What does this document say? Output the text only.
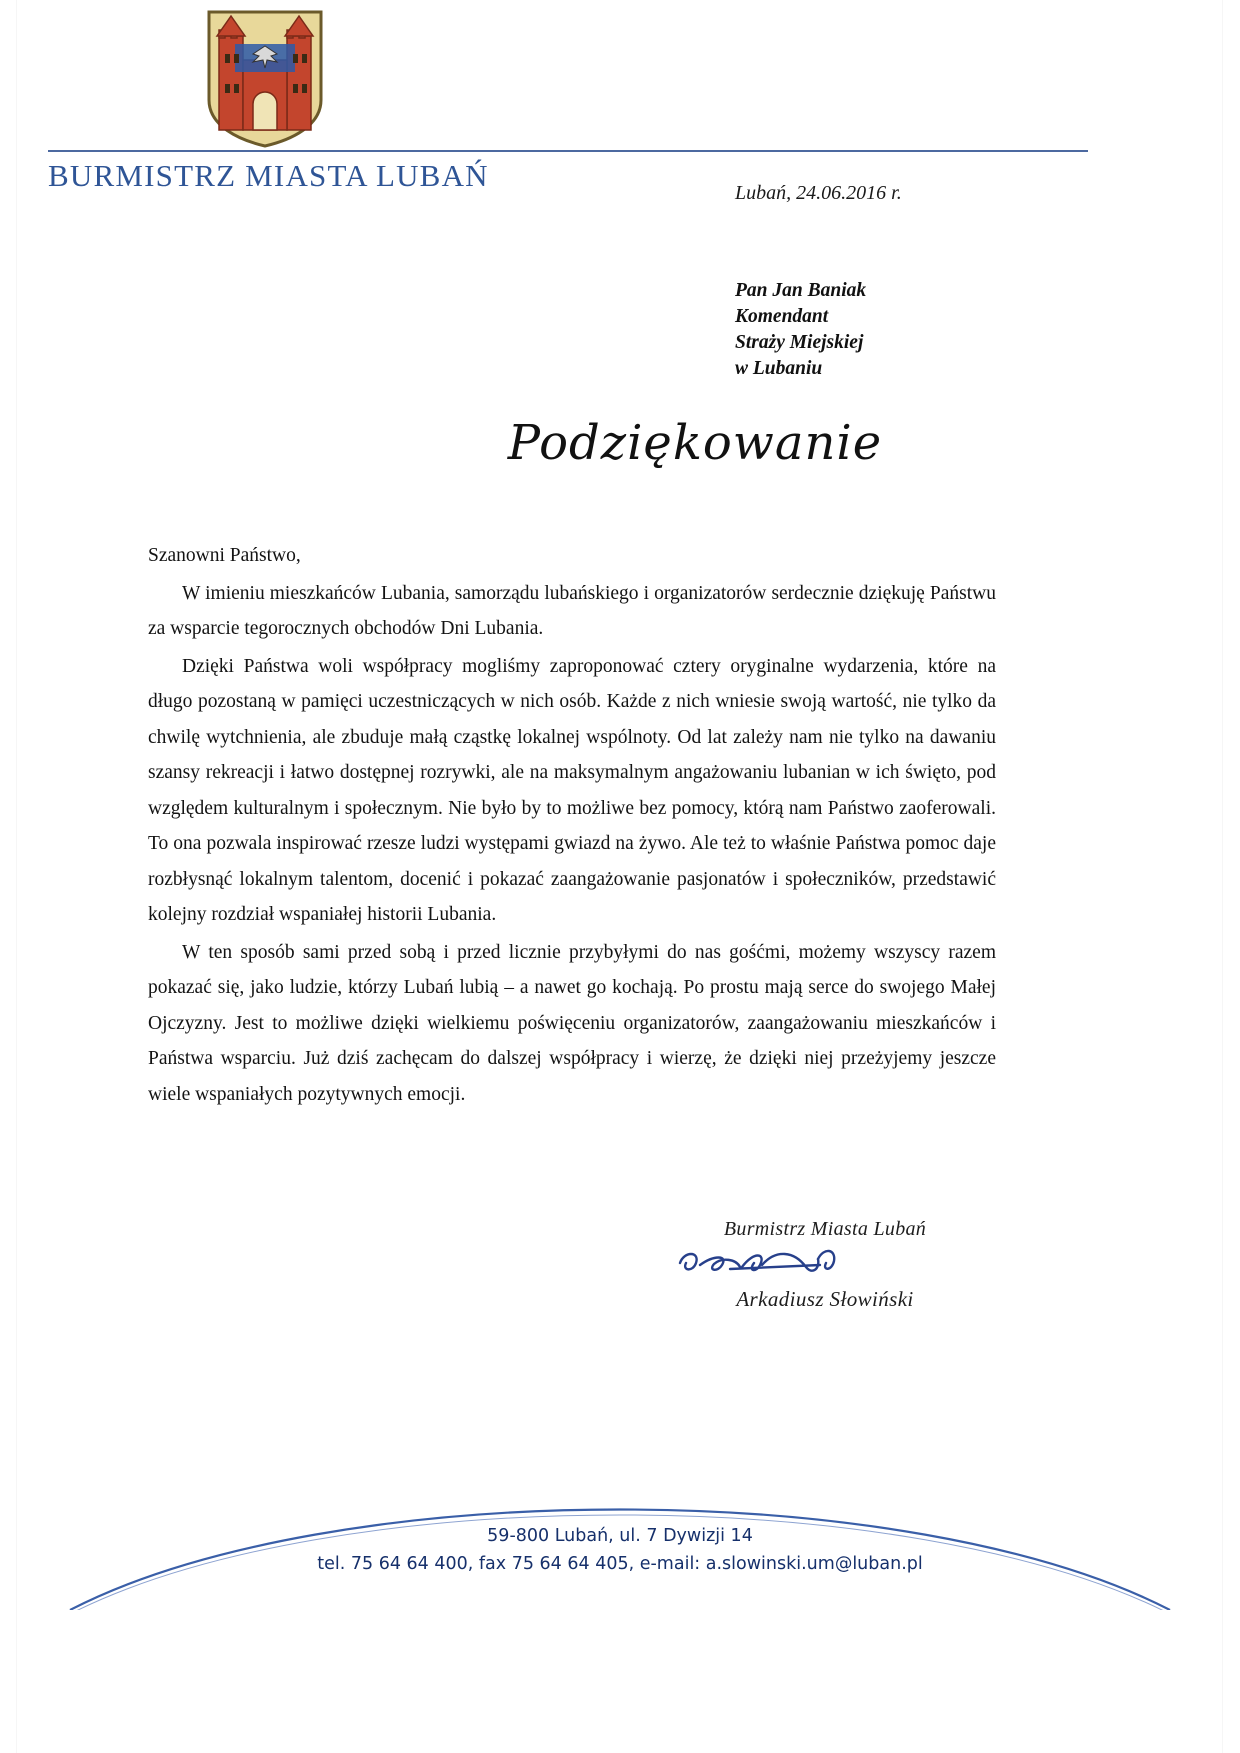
BURMISTRZ MIASTA LUBAŃ	Lubań, 24.06.2016 r.
Pan Jan Baniak
Komendant
Straży Miejskiej
w Lubaniu
Podziękowanie

Szanowni Państwo,

W imieniu mieszkańców Lubania, samorządu lubańskiego i organizatorów serdecznie dziękuję Państwu za wsparcie tegorocznych obchodów Dni Lubania.

Dzięki Państwa woli współpracy mogliśmy zaproponować cztery oryginalne wydarzenia, które na długo pozostaną w pamięci uczestniczących w nich osób. Każde z nich wniesie swoją wartość, nie tylko da chwilę wytchnienia, ale zbuduje małą cząstkę lokalnej wspólnoty. Od lat zależy nam nie tylko na dawaniu szansy rekreacji i łatwo dostępnej rozrywki, ale na maksymalnym angażowaniu lubanian w ich święto, pod względem kulturalnym i społecznym. Nie było by to możliwe bez pomocy, którą nam Państwo zaoferowali. To ona pozwala inspirować rzesze ludzi występami gwiazd na żywo. Ale też to właśnie Państwa pomoc daje rozbłysnąć lokalnym talentom, docenić i pokazać zaangażowanie pasjonatów i społeczników, przedstawić kolejny rozdział wspaniałej historii Lubania.

W ten sposób sami przed sobą i przed licznie przybyłymi do nas gośćmi, możemy wszyscy razem pokazać się, jako ludzie, którzy Lubań lubią – a nawet go kochają. Po prostu mają serce do swojego Małej Ojczyzny. Jest to możliwe dzięki wielkiemu poświęceniu organizatorów, zaangażowaniu mieszkańców i Państwa wsparciu. Już dziś zachęcam do dalszej współpracy i wierzę, że dzięki niej przeżyjemy jeszcze wiele wspaniałych pozytywnych emocji.

Burmistrz Miasta Lubań
Arkadiusz Słowiński
59-800 Lubań, ul. 7 Dywizji 14
tel. 75 64 64 400, fax 75 64 64 405, e-mail: a.slowinski.um@luban.pl
